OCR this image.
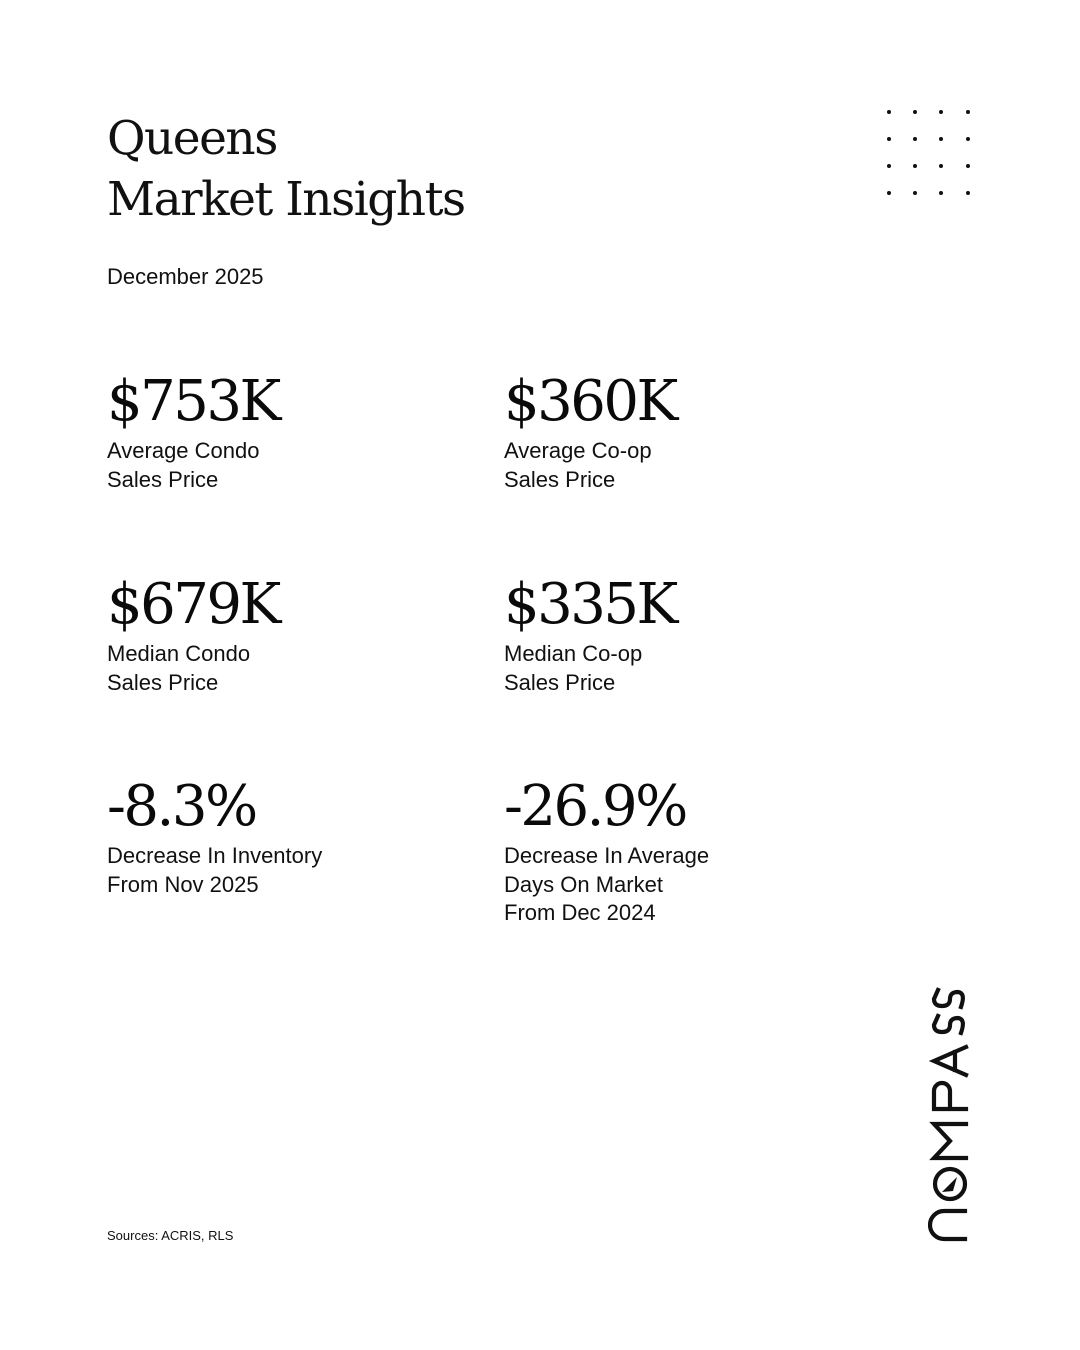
Queens
Market Insights
December 2025
$753K
Average Condo
Sales Price
$360K
Average Co-op
Sales Price
$679K
Median Condo
Sales Price
$335K
Median Co-op
Sales Price
-8.3%
Decrease In Inventory
From Nov 2025
-26.9%
Decrease In Average
Days On Market
From Dec 2024
Sources: ACRIS, RLS
